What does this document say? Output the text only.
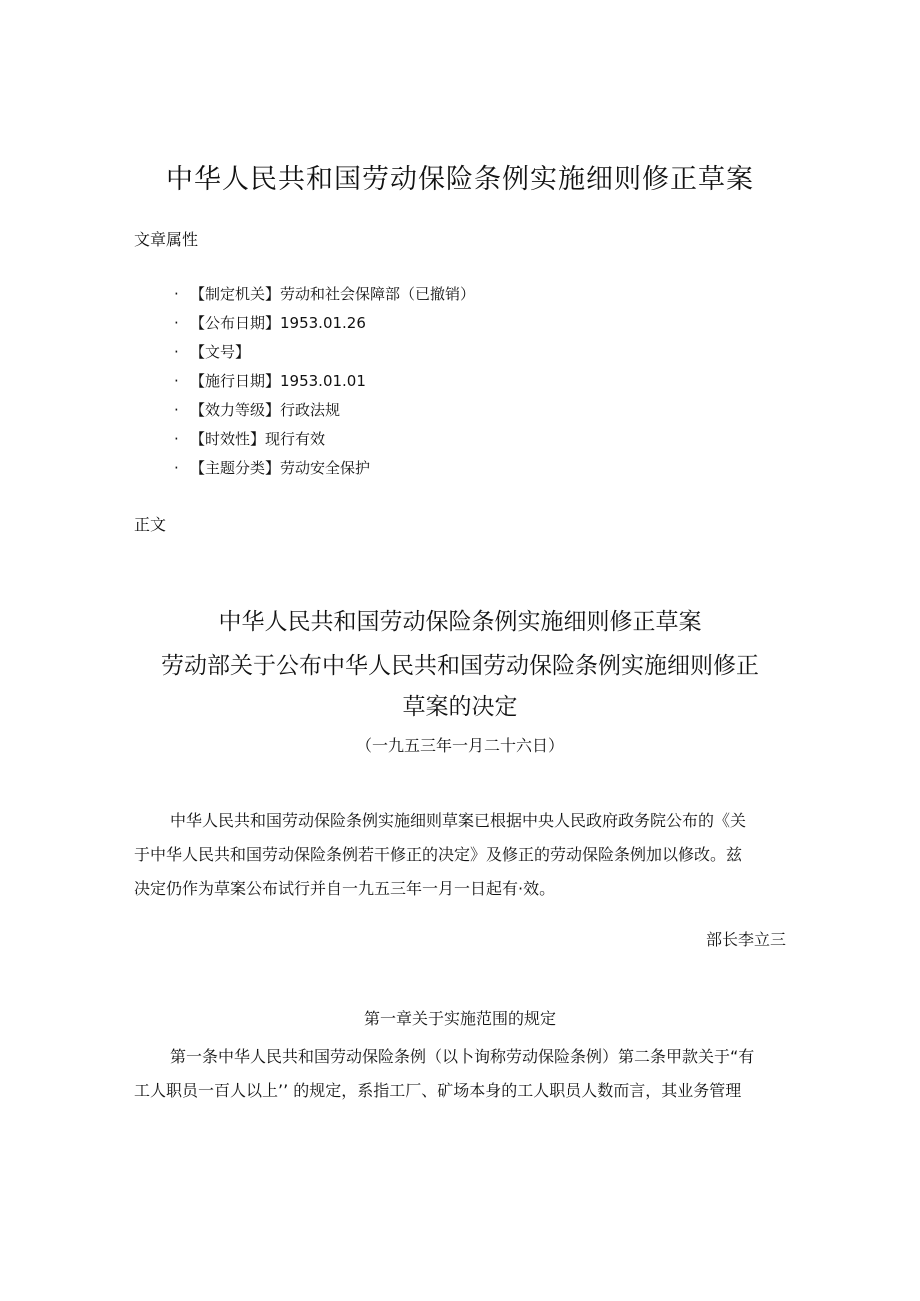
中华人民共和国劳动保险条例实施细则修正草案
文章属性
· 【制定机关】劳动和社会保障部（已撤销）
· 【公布日期】1953.01.26
· 【文号】
· 【施行日期】1953.01.01
· 【效力等级】行政法规
· 【时效性】现行有效
· 【主题分类】劳动安全保护
正文
中华人民共和国劳动保险条例实施细则修正草案
劳动部关于公布中华人民共和国劳动保险条例实施细则修正
草案的决定
（一九五三年一月二十六日）
中华人民共和国劳动保险条例实施细则草案已根据中央人民政府政务院公布的《关
于中华人民共和国劳动保险条例若干修正的决定》及修正的劳动保险条例加以修改。兹
决定仍作为草案公布试行并自一九五三年一月一日起有·效。
部长李立三
第一章关于实施范围的规定
第一条中华人民共和国劳动保险条例（以卜询称劳动保险条例）第二条甲款关于“有
工人职员一百人以上’’ 的规定，系指工厂、矿场本身的工人职员人数而言，其业务管理
